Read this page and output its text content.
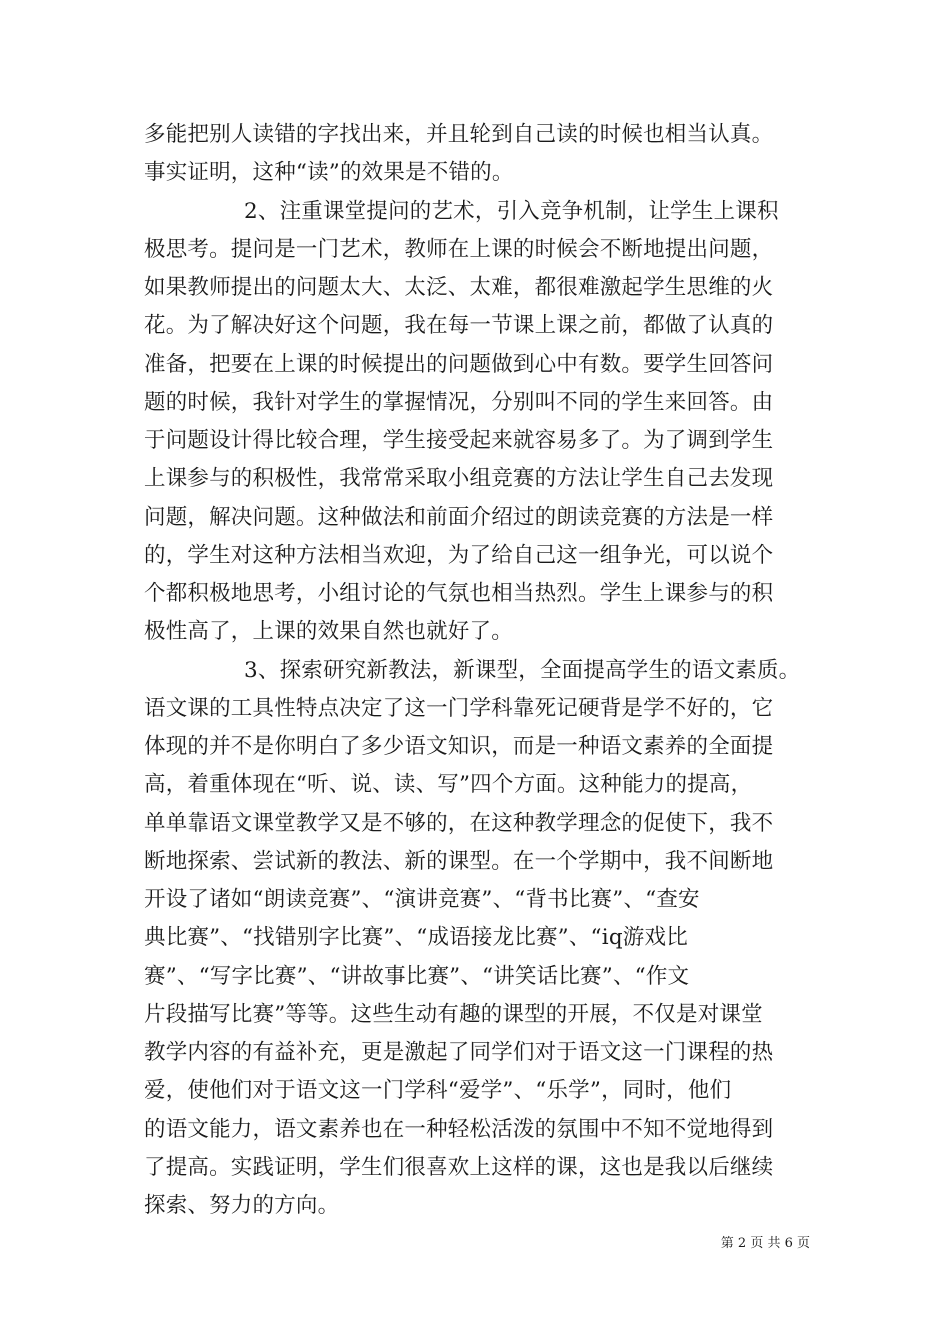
多能把别人读错的字找出来，并且轮到自己读的时候也相当认真。
事实证明，这种“读”的效果是不错的。
2、注重课堂提问的艺术，引入竞争机制，让学生上课积
极思考。提问是一门艺术，教师在上课的时候会不断地提出问题，
如果教师提出的问题太大、太泛、太难，都很难激起学生思维的火
花。为了解决好这个问题，我在每一节课上课之前，都做了认真的
准备，把要在上课的时候提出的问题做到心中有数。要学生回答问
题的时候，我针对学生的掌握情况，分别叫不同的学生来回答。由
于问题设计得比较合理，学生接受起来就容易多了。为了调到学生
上课参与的积极性，我常常采取小组竞赛的方法让学生自己去发现
问题，解决问题。这种做法和前面介绍过的朗读竞赛的方法是一样
的，学生对这种方法相当欢迎，为了给自己这一组争光，可以说个
个都积极地思考，小组讨论的气氛也相当热烈。学生上课参与的积
极性高了，上课的效果自然也就好了。
3、探索研究新教法，新课型，全面提高学生的语文素质。
语文课的工具性特点决定了这一门学科靠死记硬背是学不好的，它
体现的并不是你明白了多少语文知识，而是一种语文素养的全面提
高，着重体现在“听、说、读、写”四个方面。这种能力的提高，
单单靠语文课堂教学又是不够的，在这种教学理念的促使下，我不
断地探索、尝试新的教法、新的课型。在一个学期中，我不间断地
开设了诸如“朗读竞赛”、“演讲竞赛”、“背书比赛”、“查安
典比赛”、“找错别字比赛”、“成语接龙比赛”、“iq游戏比
赛”、“写字比赛”、“讲故事比赛”、“讲笑话比赛”、“作文
片段描写比赛”等等。这些生动有趣的课型的开展，不仅是对课堂
教学内容的有益补充，更是激起了同学们对于语文这一门课程的热
爱，使他们对于语文这一门学科“爱学”、“乐学”，同时，他们
的语文能力，语文素养也在一种轻松活泼的氛围中不知不觉地得到
了提高。实践证明，学生们很喜欢上这样的课，这也是我以后继续
探索、努力的方向。
第 2 页 共 6 页
